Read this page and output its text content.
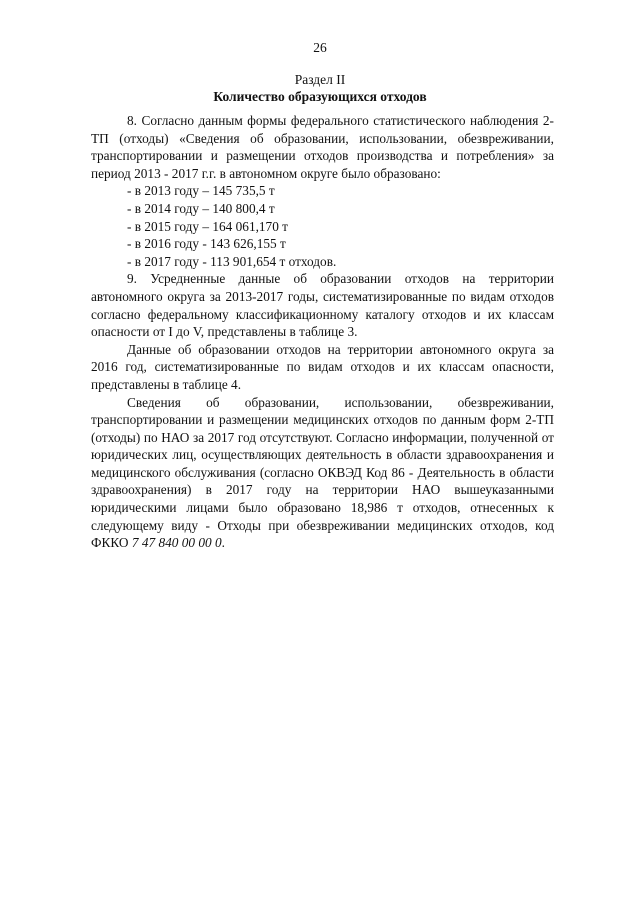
26
Раздел II
Количество образующихся отходов

8. Согласно данным формы федерального статистического наблюдения 2-ТП (отходы) «Сведения об образовании, использовании, обезвреживании, транспортировании и размещении отходов производства и потребления» за период 2013 - 2017 г.г. в автономном округе было образовано:

- в 2013 году – 145 735,5 т
- в 2014 году – 140 800,4 т
- в 2015 году – 164 061,170 т
- в 2016 году - 143 626,155 т
- в 2017 году - 113 901,654 т отходов.

9. Усредненные данные об образовании отходов на территории автономного округа за 2013-2017 годы, систематизированные по видам отходов согласно федеральному классификационному каталогу отходов и их классам опасности от I до V, представлены в таблице 3.

Данные об образовании отходов на территории автономного округа за 2016 год, систематизированные по видам отходов и их классам опасности, представлены в таблице 4.

Сведения об образовании, использовании, обезвреживании, транспортировании и размещении медицинских отходов по данным форм 2-ТП (отходы) по НАО за 2017 год отсутствуют. Согласно информации, полученной от юридических лиц, осуществляющих деятельность в области здравоохранения и медицинского обслуживания (согласно ОКВЭД Код 86 - Деятельность в области здравоохранения) в 2017 году на территории НАО вышеуказанными юридическими лицами было образовано 18,986 т отходов, отнесенных к следующему виду - Отходы при обезвреживании медицинских отходов, код ФККО 7 47 840 00 00 0.
